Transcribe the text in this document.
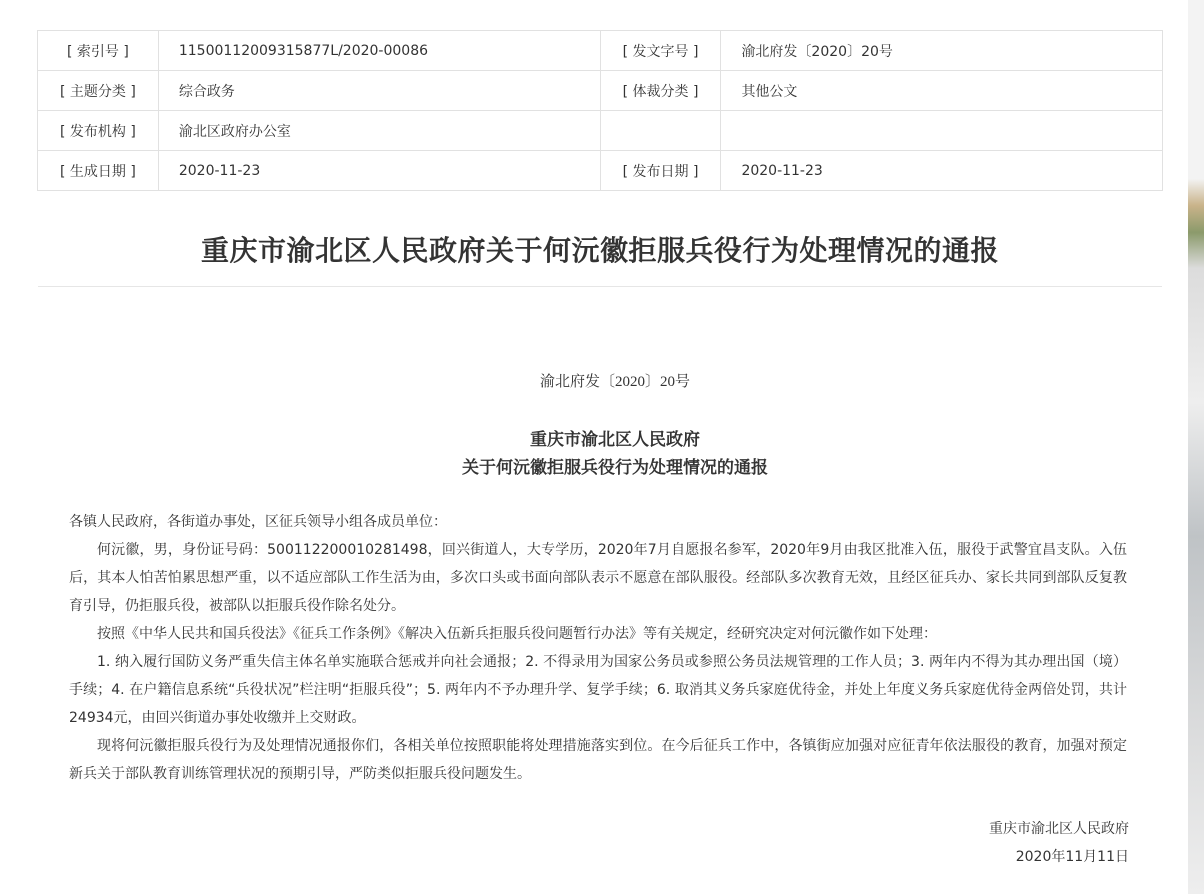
[ 索引号 ]	11500112009315877L/2020-00086	[ 发文字号 ]	渝北府发〔2020〕20号
[ 主题分类 ]	综合政务	[ 体裁分类 ]	其他公文
[ 发布机构 ]	渝北区政府办公室		
[ 生成日期 ]	2020-11-23	[ 发布日期 ]	2020-11-23
重庆市渝北区人民政府关于何沅徽拒服兵役行为处理情况的通报
渝北府发〔2020〕20号
重庆市渝北区人民政府
关于何沅徽拒服兵役行为处理情况的通报

各镇人民政府，各街道办事处，区征兵领导小组各成员单位：

何沅徽，男，身份证号码：500112200010281498，回兴街道人，大专学历，2020年7月自愿报名参军，2020年9月由我区批准入伍，服役于武警宜昌支队。入伍后，其本人怕苦怕累思想严重，以不适应部队工作生活为由，多次口头或书面向部队表示不愿意在部队服役。经部队多次教育无效，且经区征兵办、家长共同到部队反复教育引导，仍拒服兵役，被部队以拒服兵役作除名处分。

按照《中华人民共和国兵役法》《征兵工作条例》《解决入伍新兵拒服兵役问题暂行办法》等有关规定，经研究决定对何沅徽作如下处理：

1. 纳入履行国防义务严重失信主体名单实施联合惩戒并向社会通报；2. 不得录用为国家公务员或参照公务员法规管理的工作人员；3. 两年内不得为其办理出国（境）手续；4. 在户籍信息系统“兵役状况”栏注明“拒服兵役”；5. 两年内不予办理升学、复学手续；6. 取消其义务兵家庭优待金，并处上年度义务兵家庭优待金两倍处罚，共计24934元，由回兴街道办事处收缴并上交财政。

现将何沅徽拒服兵役行为及处理情况通报你们，各相关单位按照职能将处理措施落实到位。在今后征兵工作中，各镇街应加强对应征青年依法服役的教育，加强对预定新兵关于部队教育训练管理状况的预期引导，严防类似拒服兵役问题发生。

重庆市渝北区人民政府
2020年11月11日
